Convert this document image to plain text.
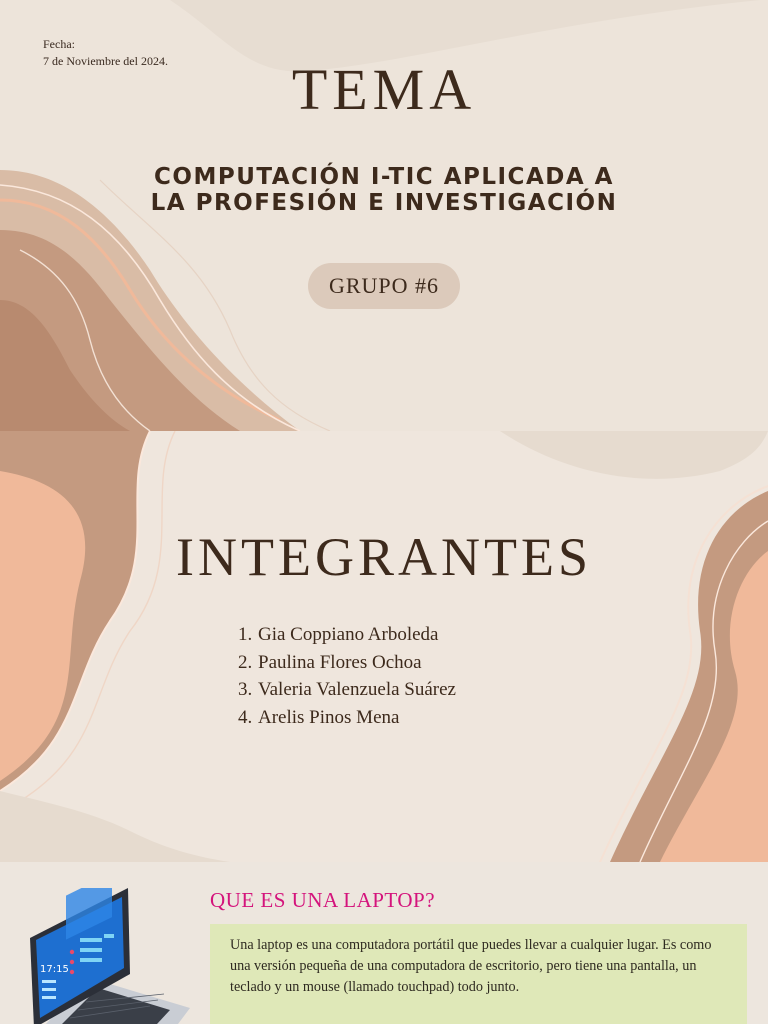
Fecha:
7 de Noviembre del 2024.	TEMA
COMPUTACIÓN I-TIC APLICADA A
LA PROFESIÓN E INVESTIGACIÓN
GRUPO #6
INTEGRANTES
1. Gia Coppiano Arboleda
2. Paulina Flores Ochoa
3. Valeria Valenzuela Suárez
4. Arelis Pinos Mena
17:15
QUE ES UNA LAPTOP?

Una laptop es una computadora portátil que puedes llevar a cualquier lugar. Es como una versión pequeña de una computadora de escritorio, pero tiene una pantalla, un teclado y un mouse (llamado touchpad) todo junto.
